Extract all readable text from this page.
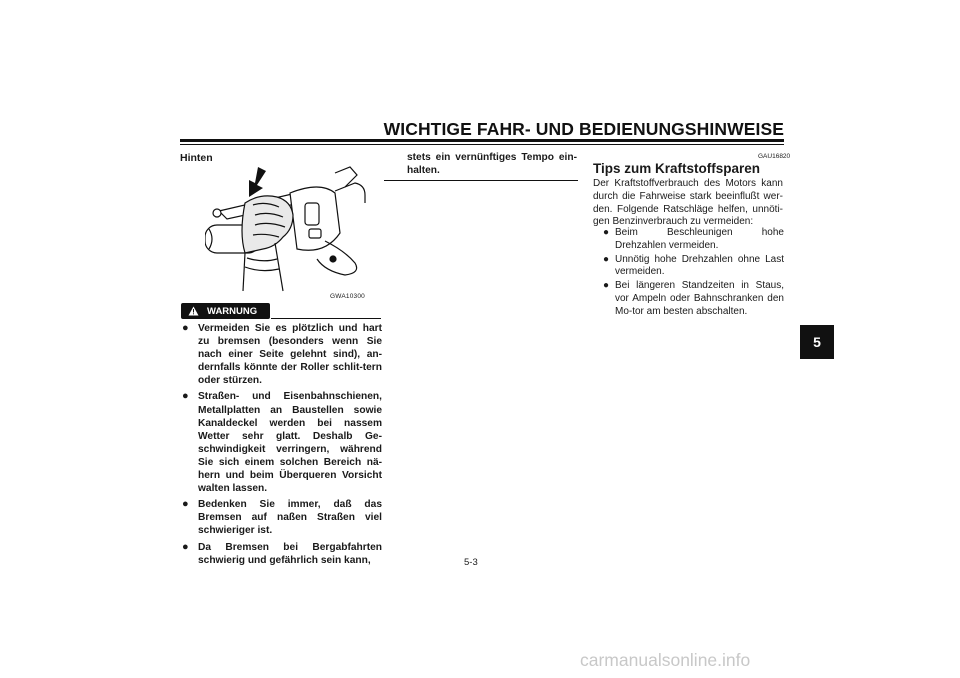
WICHTIGE FAHR- UND BEDIENUNGSHINWEISE
5
Hinten
GWA10300
WARNUNG
● Vermeiden Sie es plötzlich und hart zu bremsen (besonders wenn Sie nach einer Seite gelehnt sind), an-dernfalls könnte der Roller schlit-tern oder stürzen.
● Straßen- und Eisenbahnschienen, Metallplatten an Baustellen sowie Kanaldeckel werden bei nassem Wetter sehr glatt. Deshalb Ge-schwindigkeit verringern, während Sie sich einem solchen Bereich nä-hern und beim Überqueren Vorsicht walten lassen.
● Bedenken Sie immer, daß das Bremsen auf naßen Straßen viel schwieriger ist.
● Da Bremsen bei Bergabfahrten schwierig und gefährlich sein kann,
stets ein vernünftiges Tempo ein-halten.
GAU16820
Tips zum Kraftstoffsparen
Der Kraftstoffverbrauch des Motors kann durch die Fahrweise stark beeinflußt wer-den. Folgende Ratschläge helfen, unnöti-gen Benzinverbrauch zu vermeiden:
● Beim Beschleunigen hohe Drehzahlen vermeiden.
● Unnötig hohe Drehzahlen ohne Last vermeiden.
● Bei längeren Standzeiten in Staus, vor Ampeln oder Bahnschranken den Mo-tor am besten abschalten.
5-3
carmanualsonline.info
